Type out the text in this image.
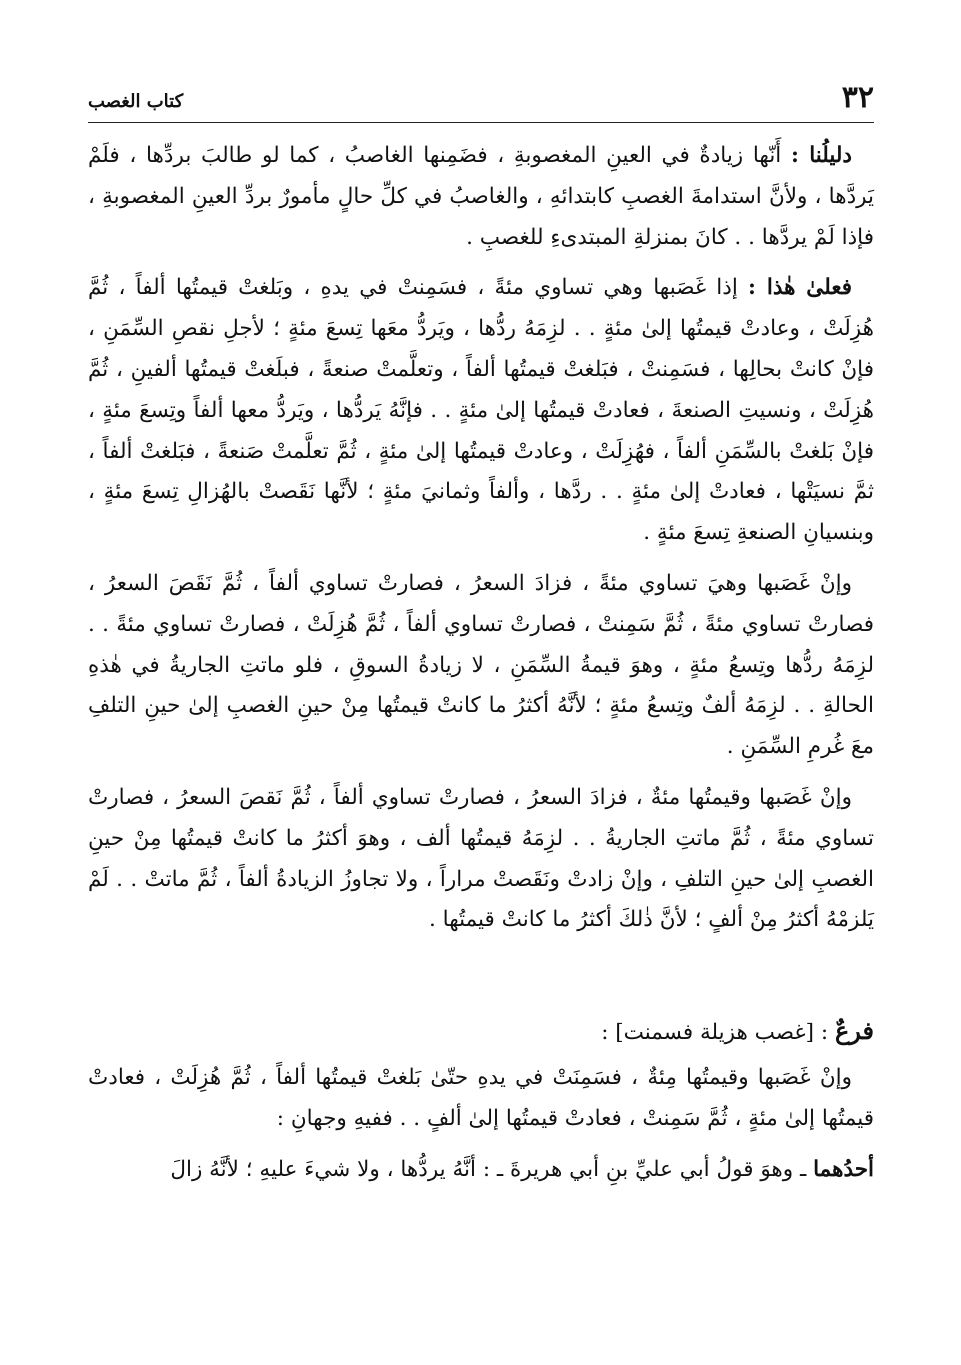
٣٢
كتاب الغصب

دليلُنا : أَنّها زيادةٌ في العينِ المغصوبةِ ، فضَمِنها الغاصبُ ، كما لو طالبَ بردِّها ، فلَمْ يَردَّها ، ولأنَّ استدامةَ الغصبِ كابتدائهِ ، والغاصبُ في كلِّ حالٍ مأمورٌ بردِّ العينِ المغصوبةِ ، فإذا لَمْ يردَّها . . كانَ بمنزلةِ المبتدىءِ للغصبِ .

فعلىٰ هٰذا : إذا غَصَبها وهي تساوي مئةً ، فسَمِنتْ في يدهِ ، وبَلغتْ قيمتُها ألفاً ، ثُمَّ هُزِلَتْ ، وعادتْ قيمتُها إلىٰ مئةٍ . . لزِمَهُ ردُّها ، ويَردُّ معَها تِسعَ مئةٍ ؛ لأجلِ نقصِ السِّمَنِ ، فإنْ كانتْ بحالِها ، فسَمِنتْ ، فبَلغتْ قيمتُها ألفاً ، وتعلَّمتْ صنعةً ، فبلَغتْ قيمتُها ألفينِ ، ثُمَّ هُزِلَتْ ، ونسيتِ الصنعةَ ، فعادتْ قيمتُها إلىٰ مئةٍ . . فإنَّهُ يَردُّها ، ويَردُّ معها ألفاً وتِسعَ مئةٍ ، فإنْ بَلغتْ بالسِّمَنِ ألفاً ، فهُزِلَتْ ، وعادتْ قيمتُها إلىٰ مئةٍ ، ثُمَّ تعلَّمتْ صَنعةً ، فبَلغتْ ألفاً ، ثمَّ نسيَتْها ، فعادتْ إلىٰ مئةٍ . . ردَّها ، وألفاً وثمانيَ مئةٍ ؛ لأنَّها نَقَصتْ بالهُزالِ تِسعَ مئةٍ ، وبنسيانِ الصنعةِ تِسعَ مئةٍ .

وإنْ غَصَبها وهيَ تساوي مئةً ، فزادَ السعرُ ، فصارتْ تساوي ألفاً ، ثُمَّ نَقَصَ السعرُ ، فصارتْ تساوي مئةً ، ثُمَّ سَمِنتْ ، فصارتْ تساوي ألفاً ، ثُمَّ هُزِلَتْ ، فصارتْ تساوي مئةً . . لزِمَهُ ردُّها وتِسعُ مئةٍ ، وهوَ قيمةُ السِّمَنِ ، لا زيادةُ السوقِ ، فلو ماتتِ الجاريةُ في هٰذهِ الحالةِ . . لزِمَهُ ألفٌ وتِسعُ مئةٍ ؛ لأنَّهُ أكثرُ ما كانتْ قيمتُها مِنْ حينِ الغصبِ إلىٰ حينِ التلفِ معَ غُرمِ السِّمَنِ .

وإنْ غَصَبها وقيمتُها مئةٌ ، فزادَ السعرُ ، فصارتْ تساوي ألفاً ، ثُمَّ نَقصَ السعرُ ، فصارتْ تساوي مئةً ، ثُمَّ ماتتِ الجاريةُ . . لزِمَهُ قيمتُها ألف ، وهوَ أكثرُ ما كانتْ قيمتُها مِنْ حينِ الغصبِ إلىٰ حينِ التلفِ ، وإنْ زادتْ ونَقَصتْ مراراً ، ولا تجاوزُ الزيادةُ ألفاً ، ثُمَّ ماتتْ . . لَمْ يَلزمْهُ أكثرُ مِنْ ألفٍ ؛ لأنَّ ذٰلكَ أكثرُ ما كانتْ قيمتُها .

فرعٌ : [غصب هزيلة فسمنت] :

وإنْ غَصَبها وقيمتُها مِئةٌ ، فسَمِنَتْ في يدهِ حتّىٰ بَلغتْ قيمتُها ألفاً ، ثُمَّ هُزِلَتْ ، فعادتْ قيمتُها إلىٰ مئةٍ ، ثُمَّ سَمِنتْ ، فعادتْ قيمتُها إلىٰ ألفٍ . . ففيهِ وجهانِ :

أحدُهما ـ وهوَ قولُ أبي عليِّ بنِ أبي هريرةَ ـ : أنَّهُ يردُّها ، ولا شيءَ عليهِ ؛ لأنَّهُ زالَ
